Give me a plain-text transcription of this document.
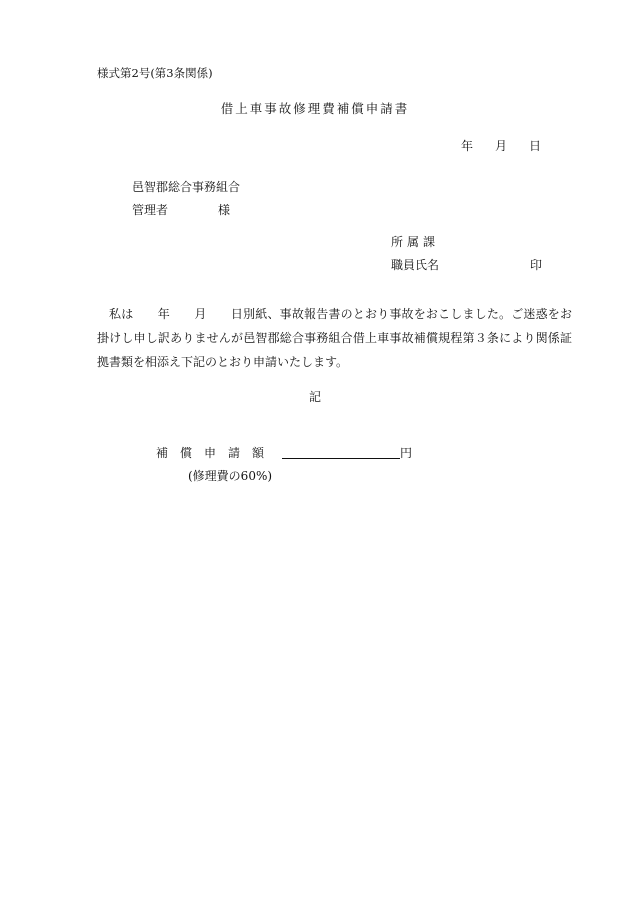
様式第2号(第3条関係)
借上車事故修理費補償申請書
年 月 日
邑智郡総合事務組合
管理者	様
所属課
職員氏名	印

私は　　年　　月　　日別紙、事故報告書のとおり事故をおこしました。ご迷惑をお掛けし申し訳ありませんが邑智郡総合事務組合借上車事故補償規程第３条により関係証拠書類を相添え下記のとおり申請いたします。

記
補償申請額	円
(修理費の60%)
